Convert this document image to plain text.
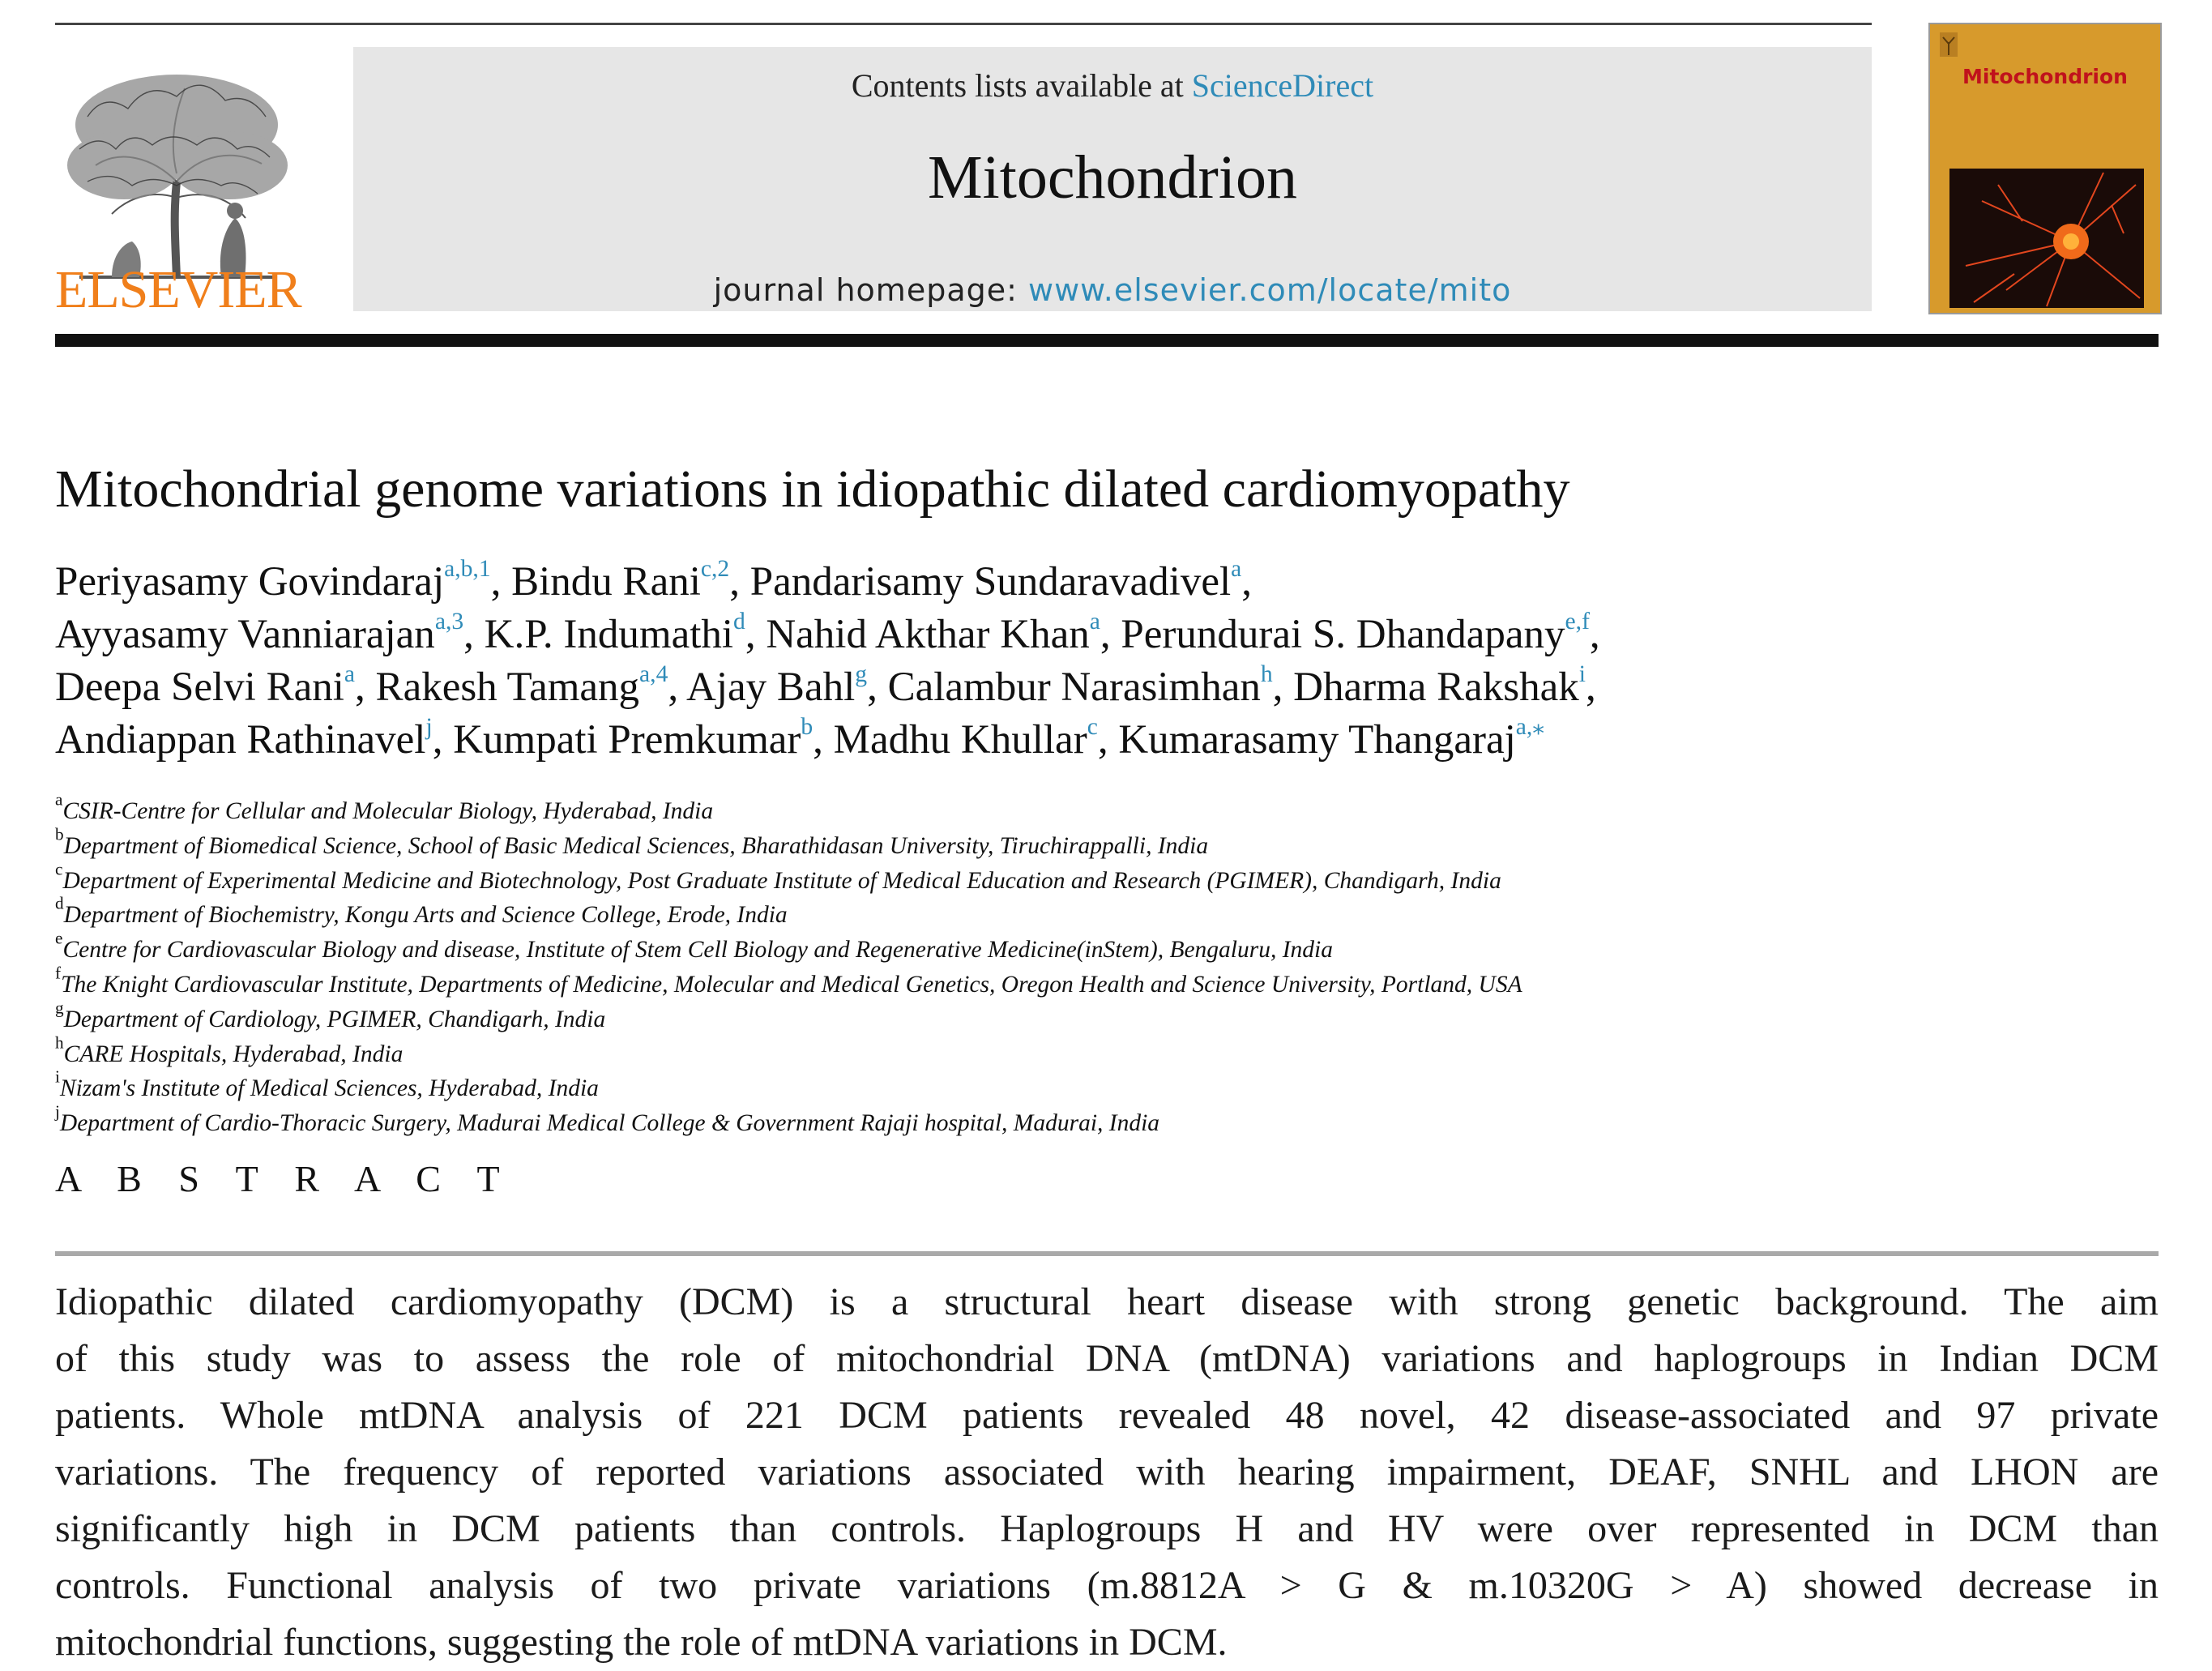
ELSEVIER
Contents lists available at ScienceDirect
Mitochondrion
journal homepage: www.elsevier.com/locate/mito
Mitochondrion
Mitochondrial genome variations in idiopathic dilated cardiomyopathy
Periyasamy Govindaraj$^{a,b,1}$, Bindu Rani$^{c,2}$, Pandarisamy Sundaravadivel$^a$,
Ayyasamy Vanniarajan$^{a,3}$, K.P. Indumathi$^d$, Nahid Akthar Khan$^a$, Perundurai S. Dhandapany$^{e,f}$,
Deepa Selvi Rani$^a$, Rakesh Tamang$^{a,4}$, Ajay Bahl$^g$, Calambur Narasimhan$^h$, Dharma Rakshak$^i$,
Andiappan Rathinavel$^j$, Kumpati Premkumar$^b$, Madhu Khullar$^c$, Kumarasamy Thangaraj$^{a,⁎}$
$^a$CSIR-Centre for Cellular and Molecular Biology, Hyderabad, India
$^b$Department of Biomedical Science, School of Basic Medical Sciences, Bharathidasan University, Tiruchirappalli, India
$^c$Department of Experimental Medicine and Biotechnology, Post Graduate Institute of Medical Education and Research (PGIMER), Chandigarh, India
$^d$Department of Biochemistry, Kongu Arts and Science College, Erode, India
$^e$Centre for Cardiovascular Biology and disease, Institute of Stem Cell Biology and Regenerative Medicine(inStem), Bengaluru, India
$^f$The Knight Cardiovascular Institute, Departments of Medicine, Molecular and Medical Genetics, Oregon Health and Science University, Portland, USA
$^g$Department of Cardiology, PGIMER, Chandigarh, India
$^h$CARE Hospitals, Hyderabad, India
$^i$Nizam's Institute of Medical Sciences, Hyderabad, India
$^j$Department of Cardio-Thoracic Surgery, Madurai Medical College & Government Rajaji hospital, Madurai, India
A B S T R A C T
Idiopathic dilated cardiomyopathy (DCM) is a structural heart disease with strong genetic background. The aim
of this study was to assess the role of mitochondrial DNA (mtDNA) variations and haplogroups in Indian DCM
patients. Whole mtDNA analysis of 221 DCM patients revealed 48 novel, 42 disease-associated and 97 private
variations. The frequency of reported variations associated with hearing impairment, DEAF, SNHL and LHON are
significantly high in DCM patients than controls. Haplogroups H and HV were over represented in DCM than
controls. Functional analysis of two private variations (m.8812A > G & m.10320G > A) showed decrease in
mitochondrial functions, suggesting the role of mtDNA variations in DCM.
